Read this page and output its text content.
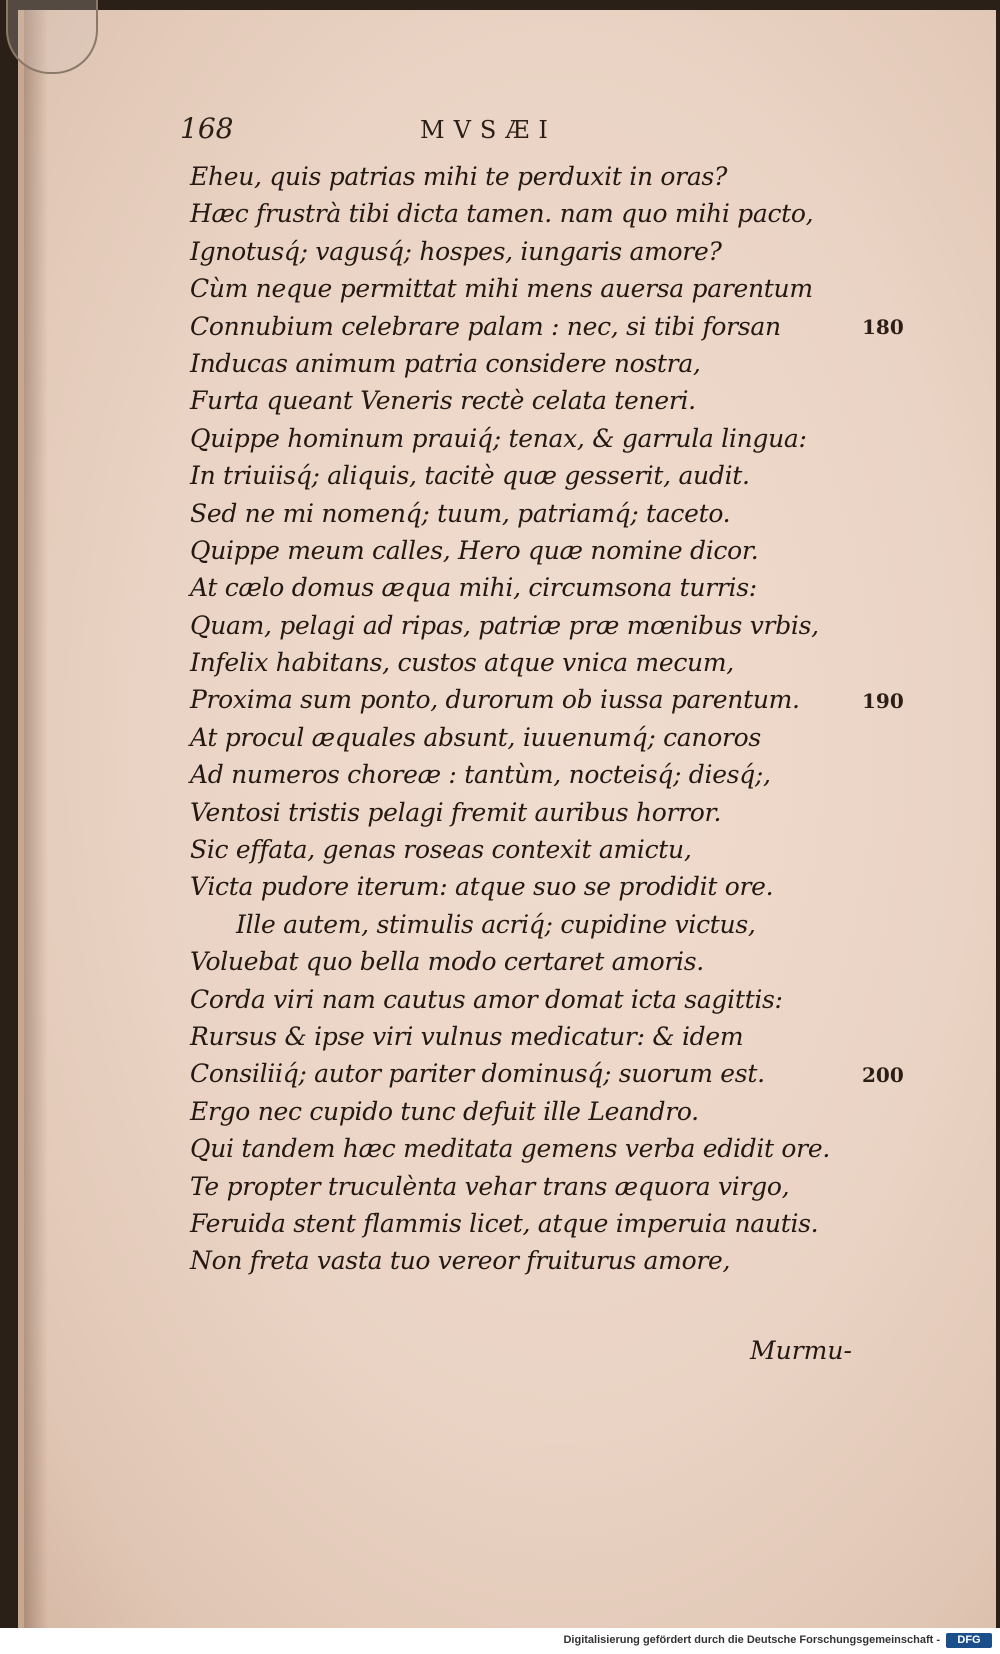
168	MVSÆI
Eheu, quis patrias mihi te perduxit in oras?
Hæc frustrà tibi dicta tamen. nam quo mihi pacto,
Ignotusq́; vagusq́; hospes, iungaris amore?
Cùm neque permittat mihi mens auersa parentum
Connubium celebrare palam : nec, si tibi forsan
Inducas animum patria considere nostra,
Furta queant Veneris rectè celata teneri.
Quippe hominum prauiq́; tenax, & garrula lingua:
In triuiisq́; aliquis, tacitè quæ gesserit, audit.
Sed ne mi nomenq́; tuum, patriamq́; taceto.
Quippe meum calles, Hero quæ nomine dicor.
At cælo domus æqua mihi, circumsona turris:
Quam, pelagi ad ripas, patriæ præ mœnibus vrbis,
Infelix habitans, custos atque vnica mecum,
Proxima sum ponto, durorum ob iussa parentum.
At procul æquales absunt, iuuenumq́; canoros
Ad numeros choreæ : tantùm, nocteisq́; diesq́;,
Ventosi tristis pelagi fremit auribus horror.
Sic effata, genas roseas contexit amictu,
Victa pudore iterum: atque suo se prodidit ore.
Ille autem, stimulis acriq́; cupidine victus,
Voluebat quo bella modo certaret amoris.
Corda viri nam cautus amor domat icta sagittis:
Rursus & ipse viri vulnus medicatur: & idem
Consiliiq́; autor pariter dominusq́; suorum est.
Ergo nec cupido tunc defuit ille Leandro.
Qui tandem hæc meditata gemens verba edidit ore.
Te propter truculènta vehar trans æquora virgo,
Feruida stent flammis licet, atque imperuia nautis.
Non freta vasta tuo vereor fruiturus amore,
180
190
200
Murmu-
Digitalisierung gefördert durch die Deutsche Forschungsgemeinschaft -	DFG
